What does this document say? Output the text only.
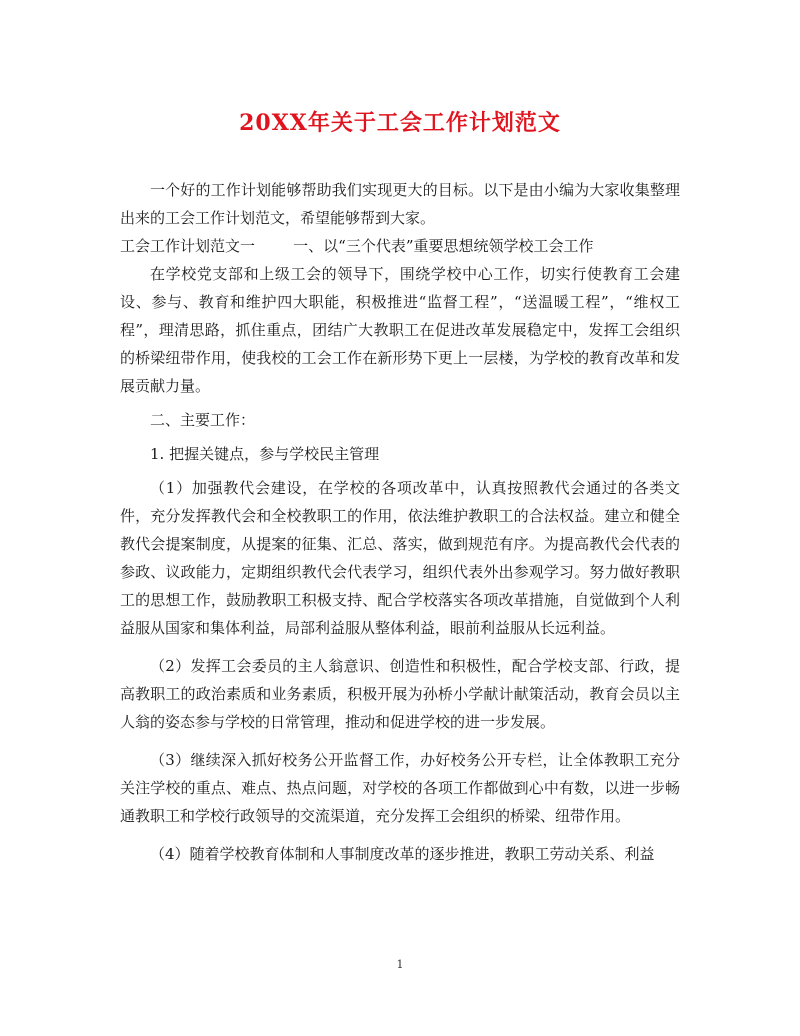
20XX年关于工会工作计划范文

一个好的工作计划能够帮助我们实现更大的目标。以下是由小编为大家收集整理出来的工会工作计划范文，希望能够帮到大家。

工会工作计划范文一	一、以“三个代表”重要思想统领学校工会工作

在学校党支部和上级工会的领导下，围绕学校中心工作，切实行使教育工会建设、参与、教育和维护四大职能，积极推进“监督工程”，“送温暖工程”，“维权工程”，理清思路，抓住重点，团结广大教职工在促进改革发展稳定中，发挥工会组织的桥梁纽带作用，使我校的工会工作在新形势下更上一层楼，为学校的教育改革和发展贡献力量。

二、主要工作：

1. 把握关键点，参与学校民主管理

（1）加强教代会建设，在学校的各项改革中，认真按照教代会通过的各类文件，充分发挥教代会和全校教职工的作用，依法维护教职工的合法权益。建立和健全教代会提案制度，从提案的征集、汇总、落实，做到规范有序。为提高教代会代表的参政、议政能力，定期组织教代会代表学习，组织代表外出参观学习。努力做好教职工的思想工作，鼓励教职工积极支持、配合学校落实各项改革措施，自觉做到个人利益服从国家和集体利益，局部利益服从整体利益，眼前利益服从长远利益。

（2）发挥工会委员的主人翁意识、创造性和积极性，配合学校支部、行政，提高教职工的政治素质和业务素质，积极开展为孙桥小学献计献策活动，教育会员以主人翁的姿态参与学校的日常管理，推动和促进学校的进一步发展。

（3）继续深入抓好校务公开监督工作，办好校务公开专栏，让全体教职工充分关注学校的重点、难点、热点问题，对学校的各项工作都做到心中有数，以进一步畅通教职工和学校行政领导的交流渠道，充分发挥工会组织的桥梁、纽带作用。

（4）随着学校教育体制和人事制度改革的逐步推进，教职工劳动关系、利益

1
